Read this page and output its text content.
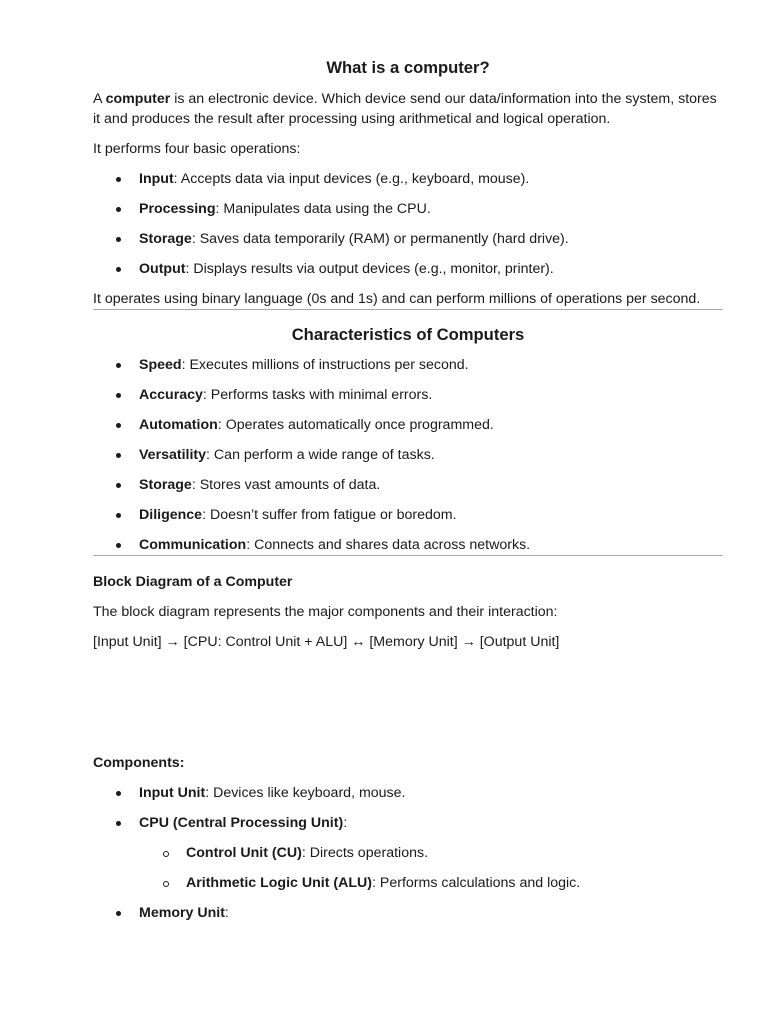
What is a computer?

A computer is an electronic device. Which device send our data/information into the system, stores it and produces the result after processing using arithmetical and logical operation.

It performs four basic operations:

Input: Accepts data via input devices (e.g., keyboard, mouse).
Processing: Manipulates data using the CPU.
Storage: Saves data temporarily (RAM) or permanently (hard drive).
Output: Displays results via output devices (e.g., monitor, printer).

It operates using binary language (0s and 1s) and can perform millions of operations per second.

Characteristics of Computers
Speed: Executes millions of instructions per second.
Accuracy: Performs tasks with minimal errors.
Automation: Operates automatically once programmed.
Versatility: Can perform a wide range of tasks.
Storage: Stores vast amounts of data.
Diligence: Doesn’t suffer from fatigue or boredom.
Communication: Connects and shares data across networks.

Block Diagram of a Computer

The block diagram represents the major components and their interaction:

[Input Unit] → [CPU: Control Unit + ALU] ↔ [Memory Unit] → [Output Unit]

Components:

Input Unit: Devices like keyboard, mouse.
CPU (Central Processing Unit):
Control Unit (CU): Directs operations.
Arithmetic Logic Unit (ALU): Performs calculations and logic.
Memory Unit:
